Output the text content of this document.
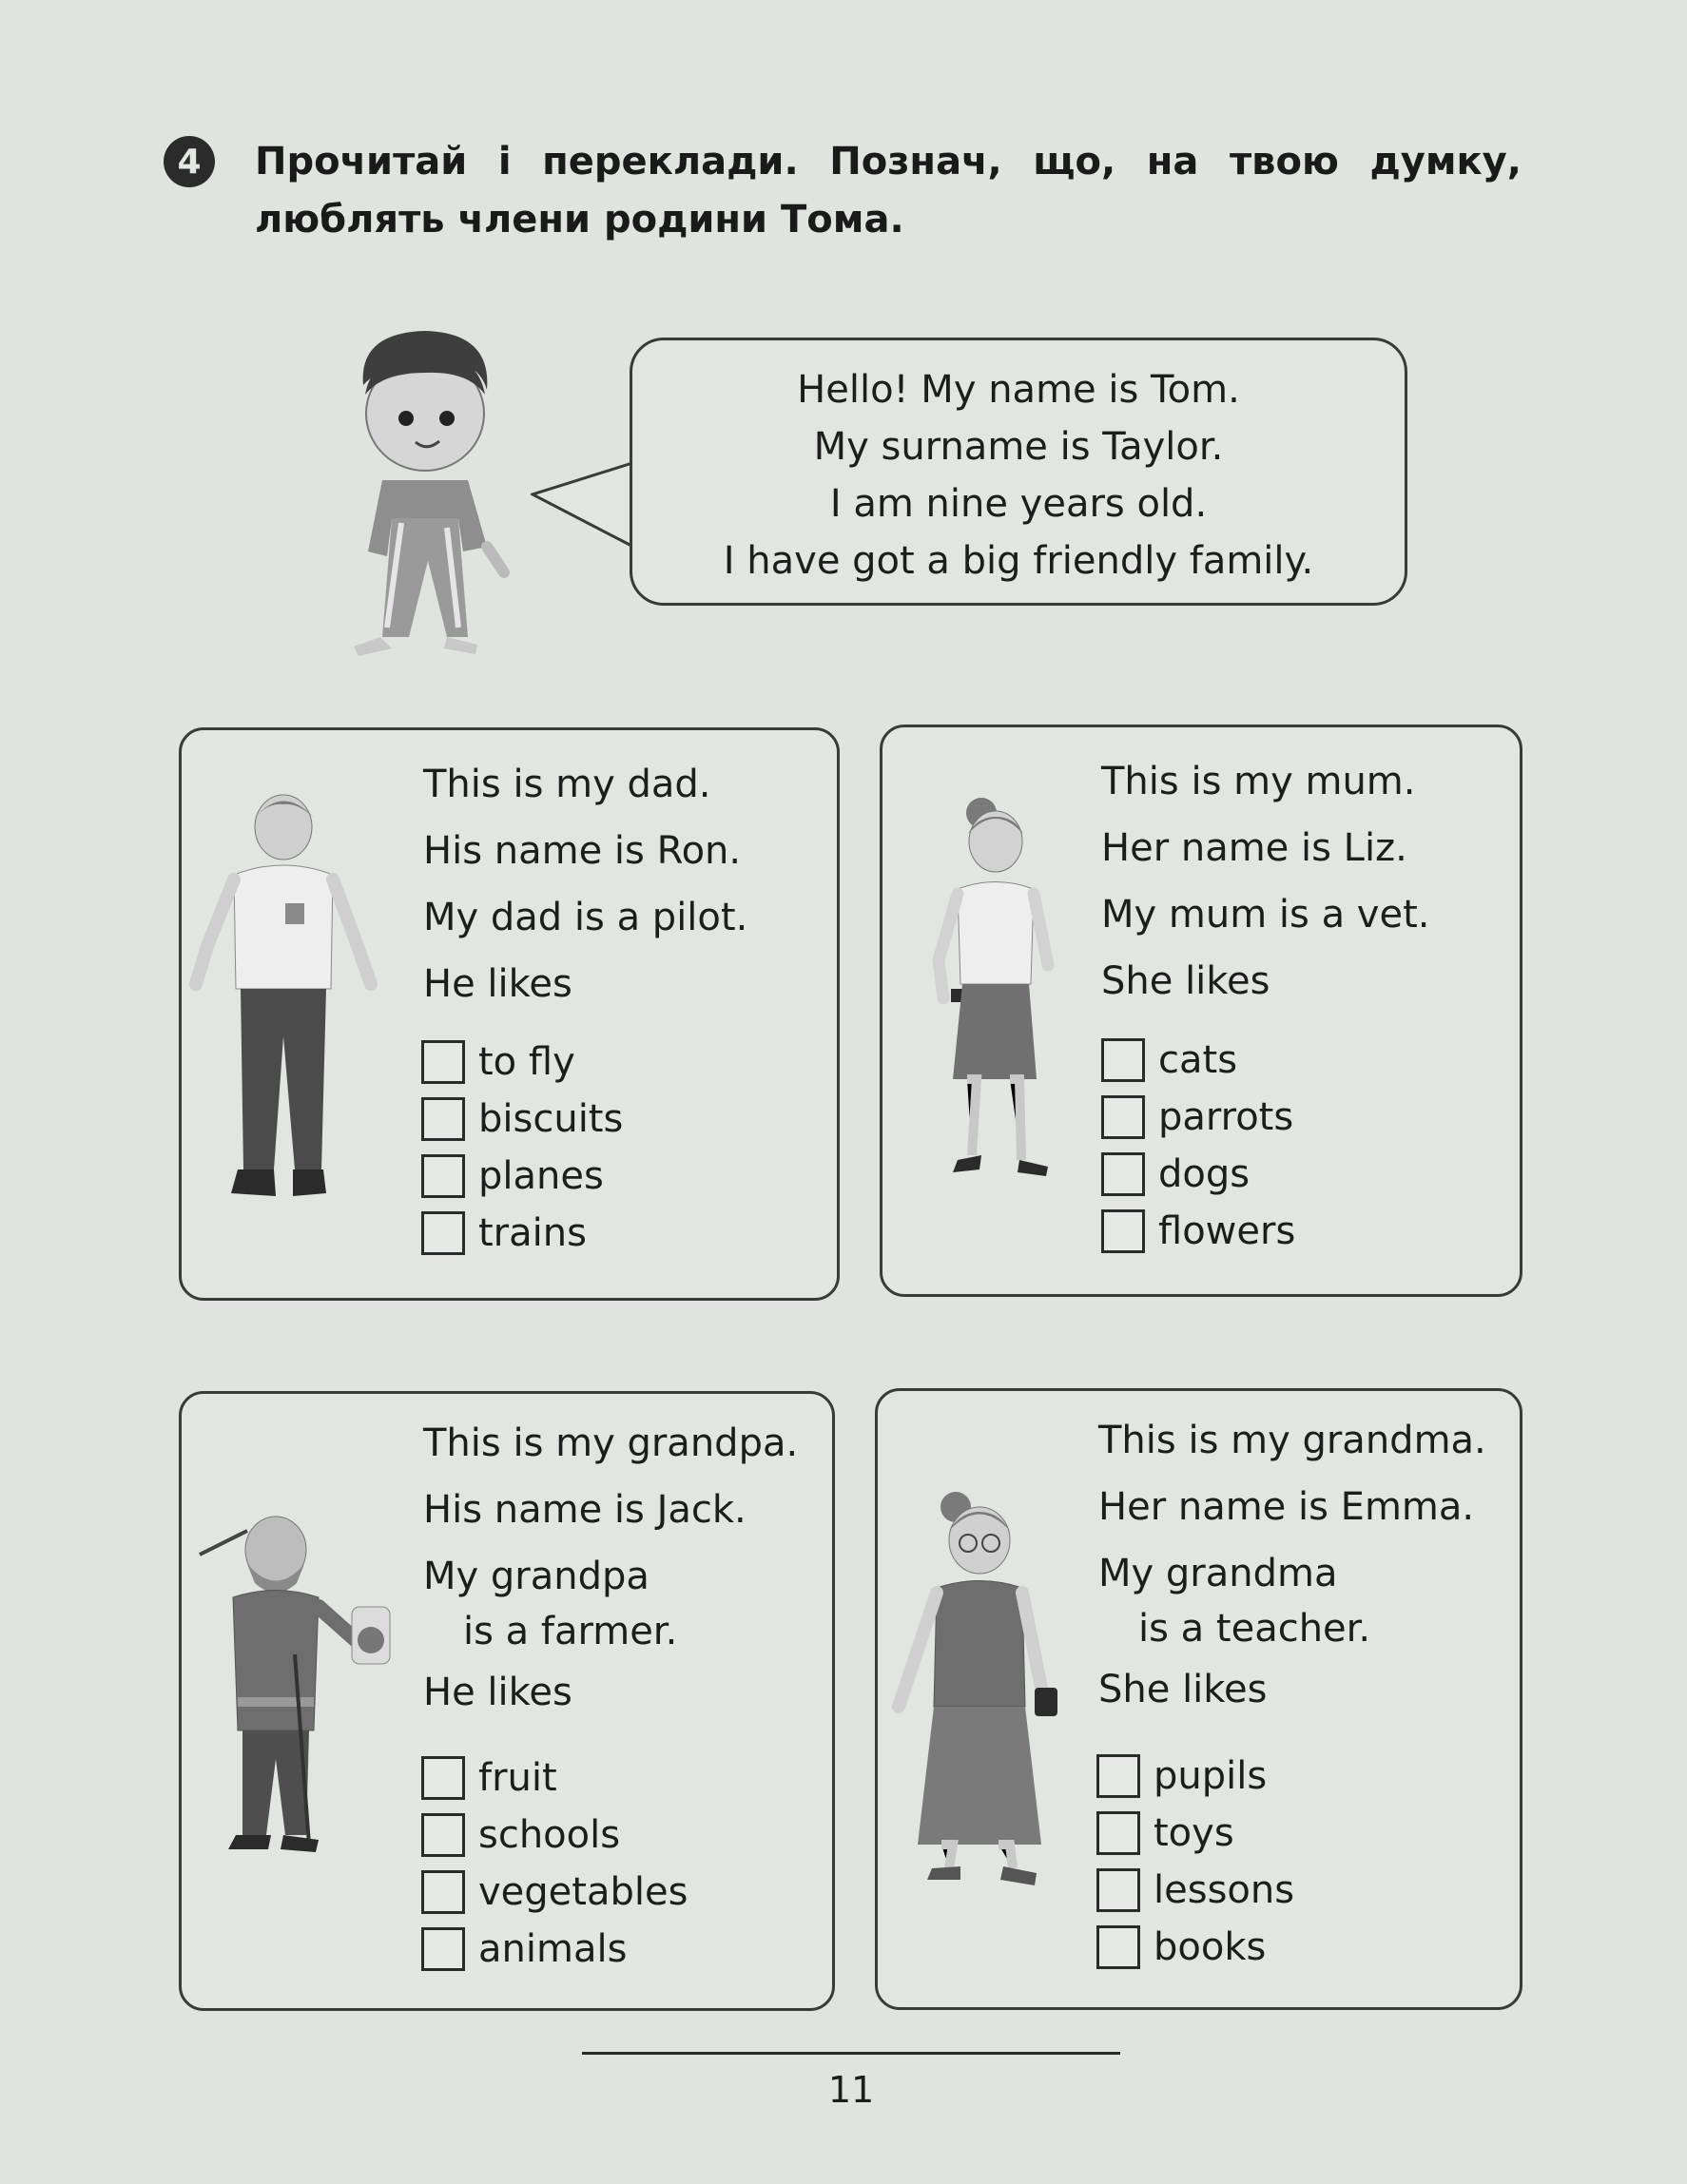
4	Прочитай і переклади. Познач, що, на твою думку,
люблять члени родини Тома.
Hello! My name is Tom.
My surname is Taylor.
I am nine years old.
I have got a big friendly family.
This is my dad.
His name is Ron.
My dad is a pilot.
He likes
to fly
biscuits
planes
trains
This is my mum.
Her name is Liz.
My mum is a vet.
She likes
cats
parrots
dogs
flowers
This is my grandpa.
His name is Jack.
My grandpa
is a farmer.
He likes
fruit
schools
vegetables
animals
This is my grandma.
Her name is Emma.
My grandma
is a teacher.
She likes
pupils
toys
lessons
books
11
